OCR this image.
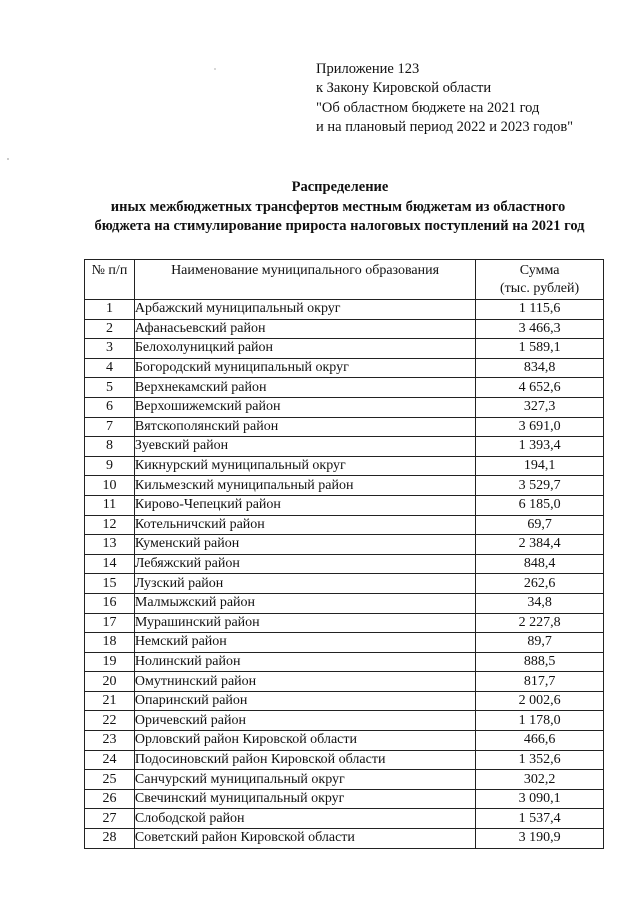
Приложение 123
к Закону Кировской области
"Об областном бюджете на 2021 год
и на плановый период 2022 и 2023 годов"
Распределение
иных межбюджетных трансфертов местным бюджетам из областного
бюджета на стимулирование прироста налоговых поступлений на 2021 год
№ п/п	Наименование муниципального образования	Сумма
(тыс. рублей)

1	Арбажский муниципальный округ	1 115,6
2	Афанасьевский район	3 466,3
3	Белохолуницкий район	1 589,1
4	Богородский муниципальный округ	834,8
5	Верхнекамский район	4 652,6
6	Верхошижемский район	327,3
7	Вятскополянский район	3 691,0
8	Зуевский район	1 393,4
9	Кикнурский муниципальный округ	194,1
10	Кильмезский муниципальный район	3 529,7
11	Кирово-Чепецкий район	6 185,0
12	Котельничский район	69,7
13	Куменский район	2 384,4
14	Лебяжский район	848,4
15	Лузский район	262,6
16	Малмыжский район	34,8
17	Мурашинский район	2 227,8
18	Немский район	89,7
19	Нолинский район	888,5
20	Омутнинский район	817,7
21	Опаринский район	2 002,6
22	Оричевский район	1 178,0
23	Орловский район Кировской области	466,6
24	Подосиновский район Кировской области	1 352,6
25	Санчурский муниципальный округ	302,2
26	Свечинский муниципальный округ	3 090,1
27	Слободской район	1 537,4
28	Советский район Кировской области	3 190,9
